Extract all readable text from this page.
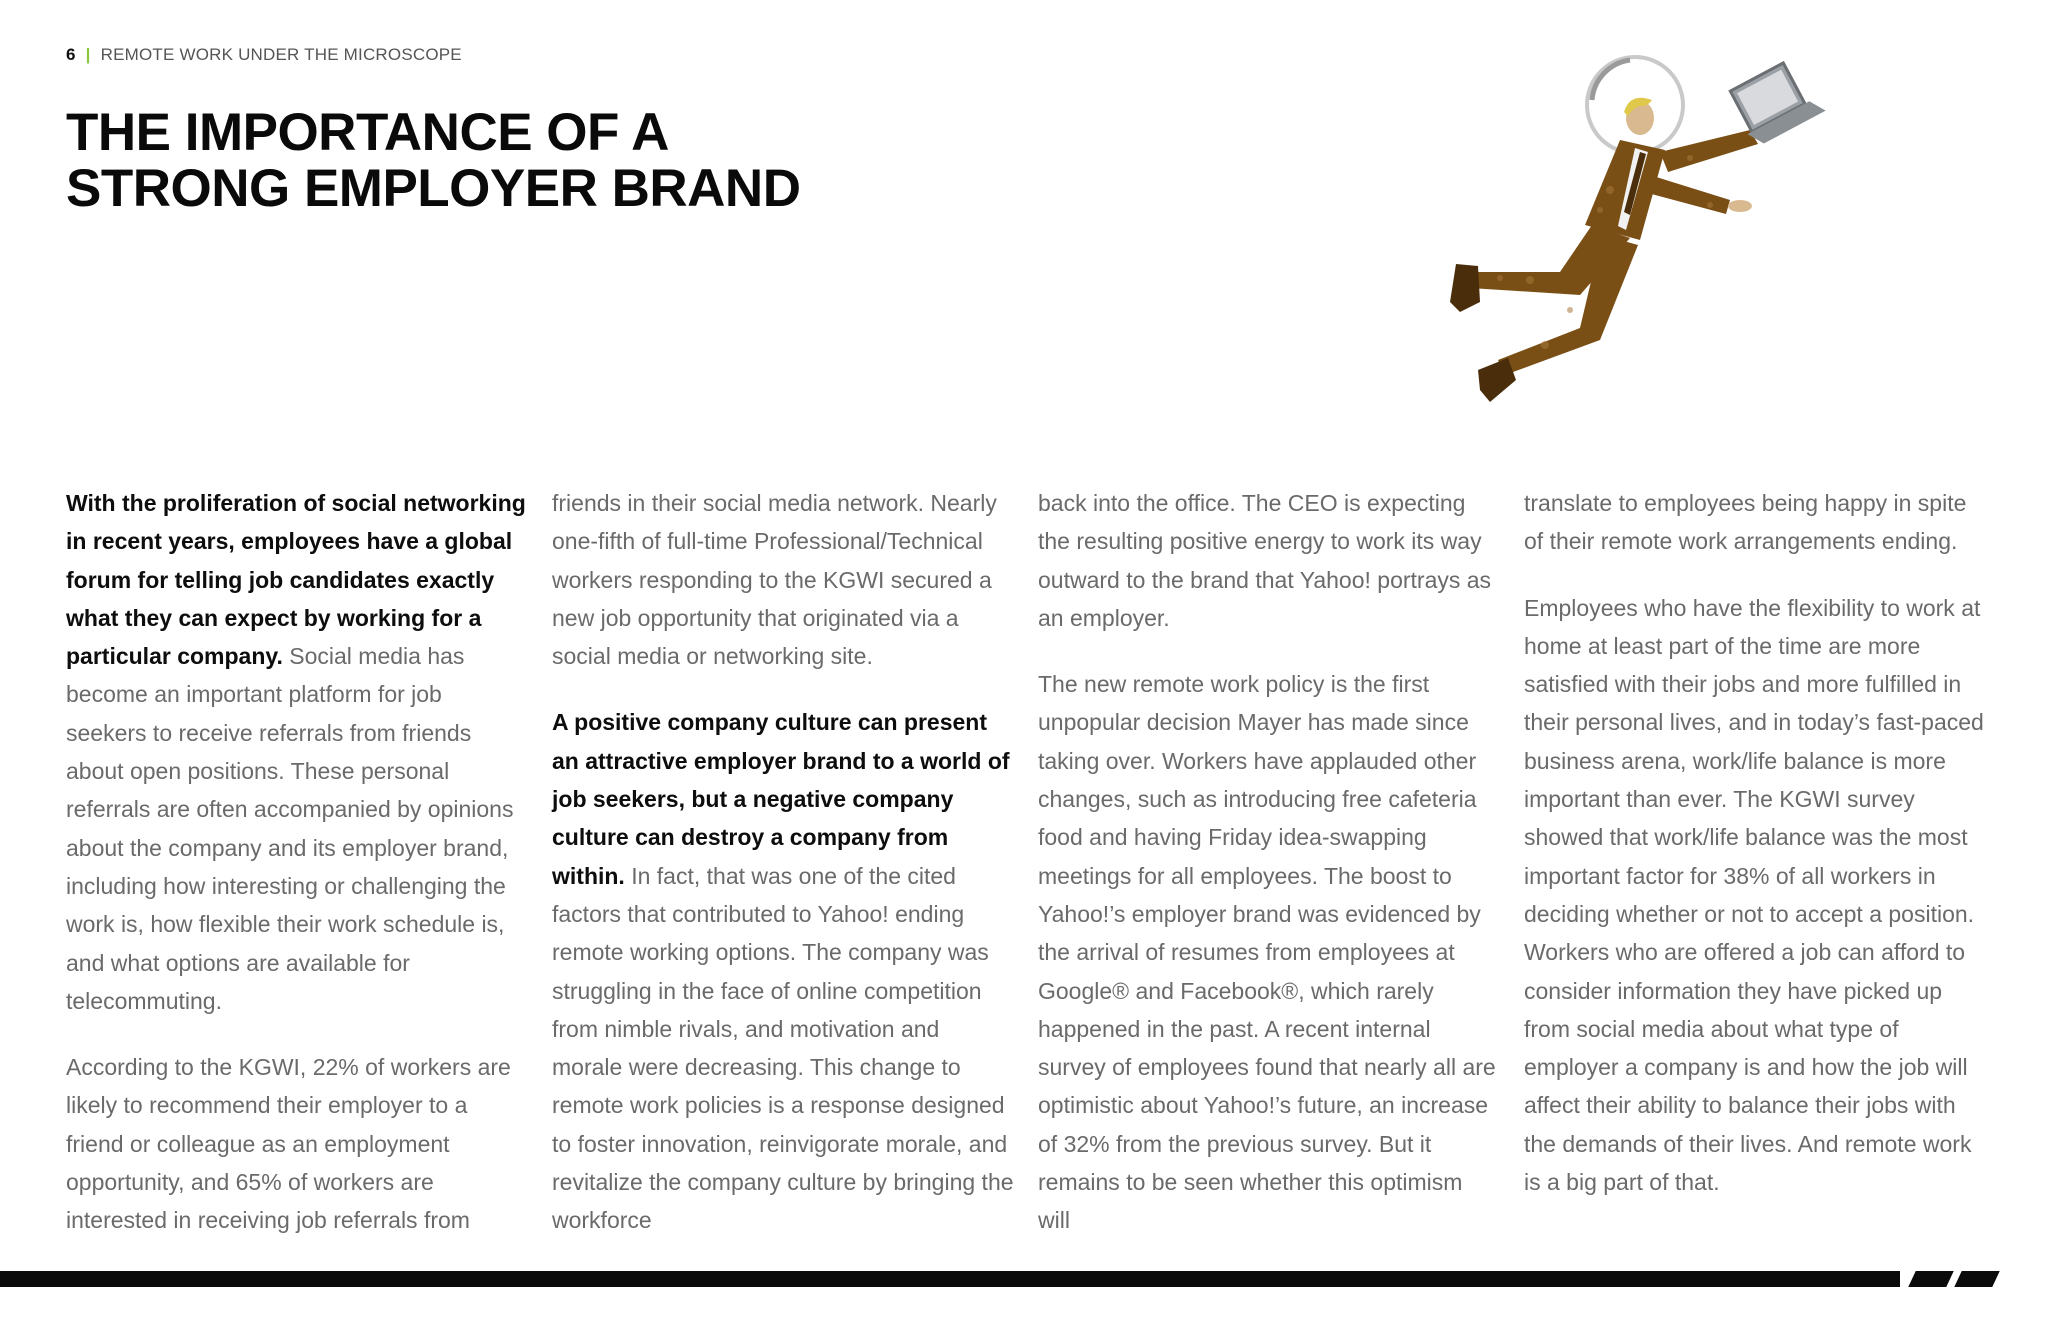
6 | REMOTE WORK UNDER THE MICROSCOPE
THE IMPORTANCE OF A
STRONG EMPLOYER BRAND

With the proliferation of social networking in recent years, employees have a global forum for telling job candidates exactly what they can expect by working for a particular company. Social media has become an important platform for job seekers to receive referrals from friends about open positions. These personal referrals are often accompanied by opinions about the company and its employer brand, including how interesting or challenging the work is, how flexible their work schedule is, and what options are available for telecommuting.

According to the KGWI, 22% of workers are likely to recommend their employer to a friend or colleague as an employment opportunity, and 65% of workers are interested in receiving job referrals from

friends in their social media network. Nearly one-fifth of full-time Professional/Technical workers responding to the KGWI secured a new job opportunity that originated via a social media or networking site.

A positive company culture can present an attractive employer brand to a world of job seekers, but a negative company culture can destroy a company from within. In fact, that was one of the cited factors that contributed to Yahoo! ending remote working options. The company was struggling in the face of online competition from nimble rivals, and motivation and morale were decreasing. This change to remote work policies is a response designed to foster innovation, reinvigorate morale, and revitalize the company culture by bringing the workforce

back into the office. The CEO is expecting the resulting positive energy to work its way outward to the brand that Yahoo! portrays as an employer.

The new remote work policy is the first unpopular decision Mayer has made since taking over. Workers have applauded other changes, such as introducing free cafeteria food and having Friday idea-swapping meetings for all employees. The boost to Yahoo!’s employer brand was evidenced by the arrival of resumes from employees at Google® and Facebook®, which rarely happened in the past. A recent internal survey of employees found that nearly all are optimistic about Yahoo!’s future, an increase of 32% from the previous survey. But it remains to be seen whether this optimism will

translate to employees being happy in spite of their remote work arrangements ending.

Employees who have the flexibility to work at home at least part of the time are more satisfied with their jobs and more fulfilled in their personal lives, and in today’s fast-paced business arena, work/life balance is more important than ever. The KGWI survey showed that work/life balance was the most important factor for 38% of all workers in deciding whether or not to accept a position. Workers who are offered a job can afford to consider information they have picked up from social media about what type of employer a company is and how the job will affect their ability to balance their jobs with the demands of their lives. And remote work is a big part of that.
